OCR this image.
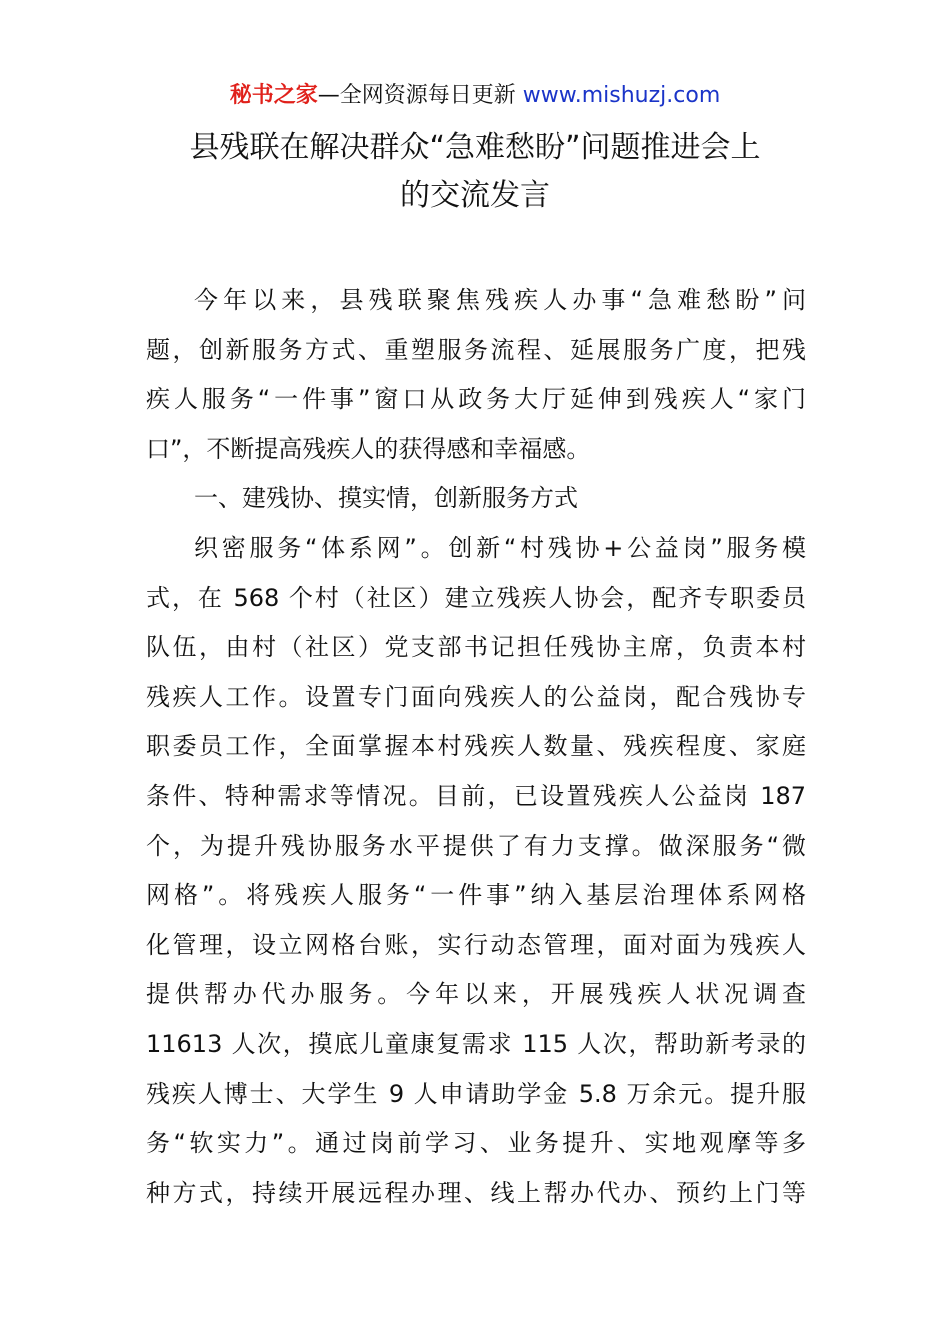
秘书之家—全网资源每日更新 www.mishuzj.com
县残联在解决群众“急难愁盼”问题推进会上
的交流发言
今年以来，县残联聚焦残疾人办事“急难愁盼”问
题，创新服务方式、重塑服务流程、延展服务广度，把残
疾人服务“一件事”窗口从政务大厅延伸到残疾人“家门
口”，不断提高残疾人的获得感和幸福感。
一、建残协、摸实情，创新服务方式
织密服务“体系网”。创新“村残协+公益岗”服务模
式，在 568 个村（社区）建立残疾人协会，配齐专职委员
队伍，由村（社区）党支部书记担任残协主席，负责本村
残疾人工作。设置专门面向残疾人的公益岗，配合残协专
职委员工作，全面掌握本村残疾人数量、残疾程度、家庭
条件、特种需求等情况。目前，已设置残疾人公益岗 187
个，为提升残协服务水平提供了有力支撑。做深服务“微
网格”。将残疾人服务“一件事”纳入基层治理体系网格
化管理，设立网格台账，实行动态管理，面对面为残疾人
提供帮办代办服务。今年以来，开展残疾人状况调查
11613 人次，摸底儿童康复需求 115 人次，帮助新考录的
残疾人博士、大学生 9 人申请助学金 5.8 万余元。提升服
务“软实力”。通过岗前学习、业务提升、实地观摩等多
种方式，持续开展远程办理、线上帮办代办、预约上门等
